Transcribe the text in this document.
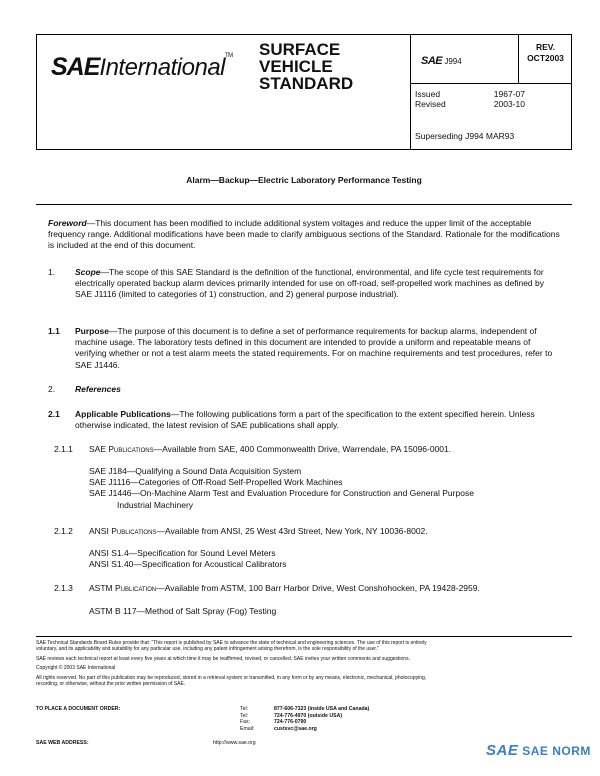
SAEInternational™ SURFACE
VEHICLE
STANDARD
SAE J994
REV.
OCT2003
Issued	1967-07
Revised	2003-10
Superseding J994 MAR93
Alarm—Backup—Electric Laboratory Performance Testing
Foreword—This document has been modified to include additional system voltages and reduce the upper limit of the acceptable frequency range. Additional modifications have been made to clarify ambiguous sections of the Standard. Rationale for the modifications is included at the end of this document.
1. Scope—The scope of this SAE Standard is the definition of the functional, environmental, and life cycle test requirements for electrically operated backup alarm devices primarily intended for use on off-road, self-propelled work machines as defined by SAE J1116 (limited to categories of 1) construction, and 2) general purpose industrial).
1.1 Purpose—The purpose of this document is to define a set of performance requirements for backup alarms, independent of machine usage. The laboratory tests defined in this document are intended to provide a uniform and repeatable means of verifying whether or not a test alarm meets the stated requirements. For on machine requirements and test procedures, refer to SAE J1446.
2. References
2.1 Applicable Publications—The following publications form a part of the specification to the extent specified herein. Unless otherwise indicated, the latest revision of SAE publications shall apply.
2.1.1 SAE Publications—Available from SAE, 400 Commonwealth Drive, Warrendale, PA 15096-0001.
SAE J184—Qualifying a Sound Data Acquisition System
SAE J1116—Categories of Off-Road Self-Propelled Work Machines
SAE J1446—On-Machine Alarm Test and Evaluation Procedure for Construction and General Purpose
Industrial Machinery
2.1.2 ANSI Publications—Available from ANSI, 25 West 43rd Street, New York, NY 10036-8002.
ANSI S1.4—Specification for Sound Level Meters
ANSI S1.40—Specification for Acoustical Calibrators
2.1.3 ASTM Publication—Available from ASTM, 100 Barr Harbor Drive, West Conshohocken, PA 19428-2959.
ASTM B 117—Method of Salt Spray (Fog) Testing
SAE Technical Standards Board Rules provide that: “This report is published by SAE to advance the state of technical and engineering sciences. The use of this report is entirely
voluntary, and its applicability and suitability for any particular use, including any patent infringement arising therefrom, is the sole responsibility of the user.”
SAE reviews each technical report at least every five years at which time it may be reaffirmed, revised, or cancelled. SAE invites your written comments and suggestions.
Copyright © 2003 SAE International
All rights reserved. No part of this publication may be reproduced, stored in a retrieval system or transmitted, in any form or by any means, electronic, mechanical, photocopying,
recording, or otherwise, without the prior written permission of SAE.
TO PLACE A DOCUMENT ORDER:	Tel:	877-606-7323 (inside USA and Canada)
Tel:	724-776-4970 (outside USA)
Fax:	724-776-0790
Email:	custsvc@sae.org
SAE WEB ADDRESS:	http://www.sae.org	SAE SAE NORM
